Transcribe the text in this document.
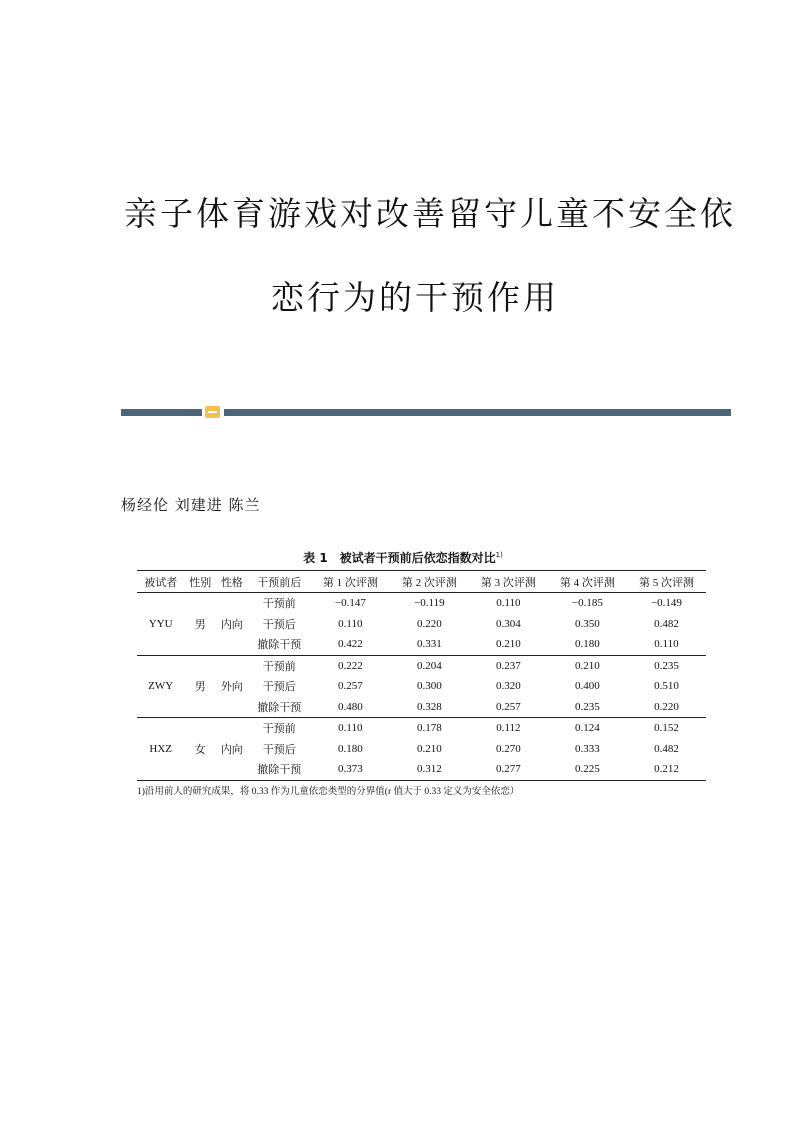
亲子体育游戏对改善留守儿童不安全依
恋行为的干预作用
杨经伦 刘建进 陈兰
表 1　被试者干预前后依恋指数对比$^{1)}$
被试者	性别	性格	干预前后	第 1 次评测	第 2 次评测	第 3 次评测	第 4 次评测	第 5 次评测
YYU	男	内向	干预前	−0.147	−0.119	0.110	−0.185	−0.149
			干预后	0.110	0.220	0.304	0.350	0.482
			撤除干预	0.422	0.331	0.210	0.180	0.110
ZWY	男	外向	干预前	0.222	0.204	0.237	0.210	0.235
			干预后	0.257	0.300	0.320	0.400	0.510
			撤除干预	0.480	0.328	0.257	0.235	0.220
HXZ	女	内向	干预前	0.110	0.178	0.112	0.124	0.152
			干预后	0.180	0.210	0.270	0.333	0.482
			撤除干预	0.373	0.312	0.277	0.225	0.212
1)沿用前人的研究成果，将 0.33 作为儿童依恋类型的分界值(r 值大于 0.33 定义为安全依恋）
